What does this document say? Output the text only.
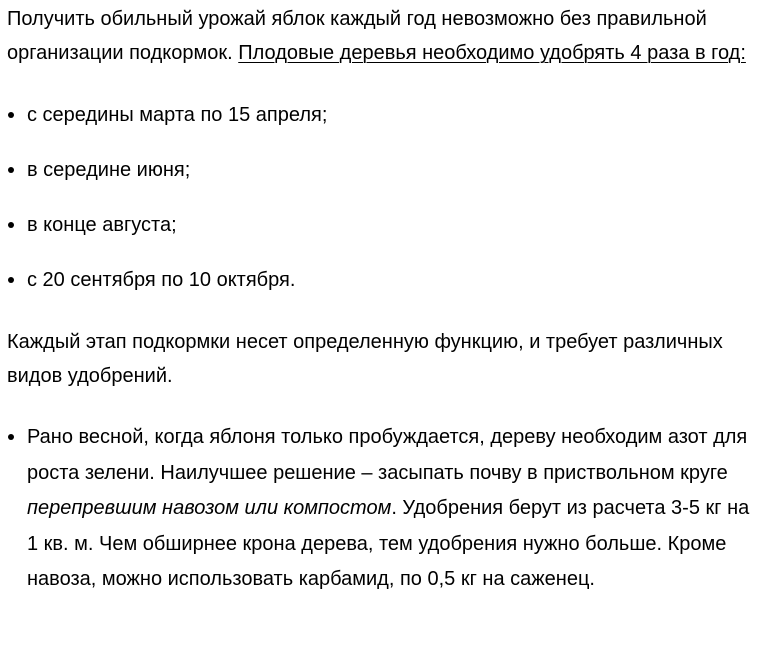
Получить обильный урожай яблок каждый год невозможно без правильной организации подкормок. Плодовые деревья необходимо удобрять 4 раза в год:

с середины марта по 15 апреля;
в середине июня;
в конце августа;
с 20 сентября по 10 октября.

Каждый этап подкормки несет определенную функцию, и требует различных видов удобрений.

Рано весной, когда яблоня только пробуждается, дереву необходим азот для роста зелени. Наилучшее решение – засыпать почву в приствольном круге перепревшим навозом или компостом. Удобрения берут из расчета 3-5 кг на 1 кв. м. Чем обширнее крона дерева, тем удобрения нужно больше. Кроме навоза, можно использовать карбамид, по 0,5 кг на саженец.
